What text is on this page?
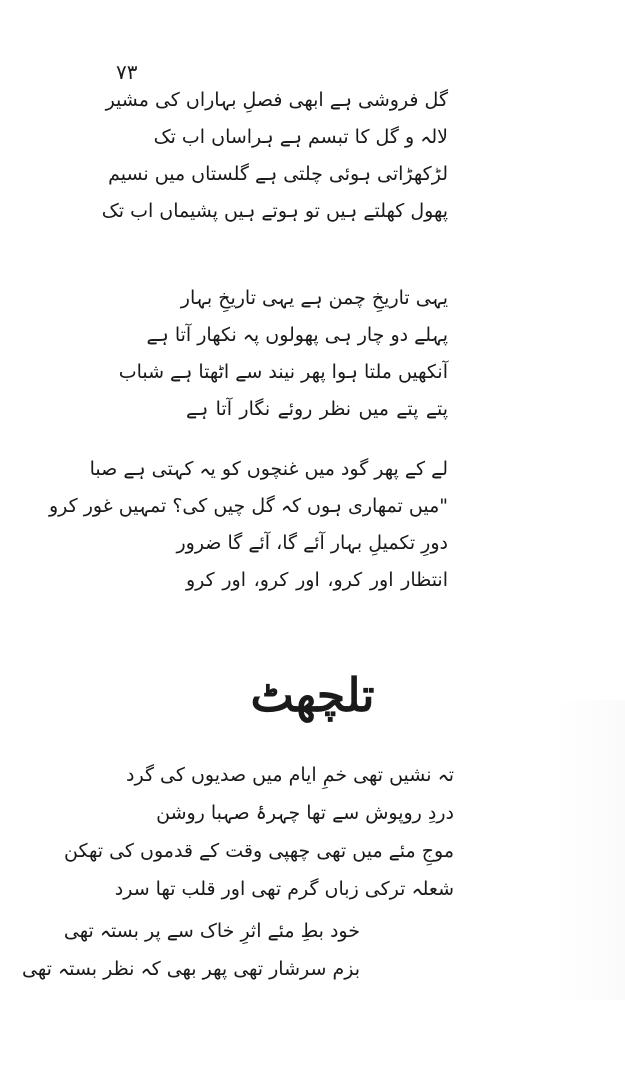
۷۳
گل فروشی ہے ابھی فصلِ بہاراں کی مشیر
لالہ و گل کا تبسم ہے ہراساں اب تک
لڑکھڑاتی ہوئی چلتی ہے گلستاں میں نسیم
پھول کھلتے ہیں تو ہوتے ہیں پشیماں اب تک
یہی تاریخِ چمن ہے یہی تاریخِ بہار
پہلے دو چار ہی پھولوں پہ نکھار آتا ہے
آنکھیں ملتا ہوا پھر نیند سے اٹھتا ہے شباب
پتے پتے میں نظر روئے نگار آتا ہے
لے کے پھر گود میں غنچوں کو یہ کہتی ہے صبا
"میں تمھاری ہوں کہ گل چیں کی؟ تمہیں غور کرو
دورِ تکمیلِ بہار آئے گا، آئے گا ضرور
انتظار اور کرو، اور کرو، اور کرو
تلچھٹ
تہ نشیں تھی خمِ ایام میں صدیوں کی گرد
دردِ روپوش سے تھا چہرۂ صہبا روشن
موجِ مئے میں تھی چھپی وقت کے قدموں کی تھکن
شعلہ ترکی زباں گرم تھی اور قلب تھا سرد
خود بطِ مئے اثرِ خاک سے پر بستہ تھی
بزم سرشار تھی پھر بھی کہ نظر بستہ تھی
